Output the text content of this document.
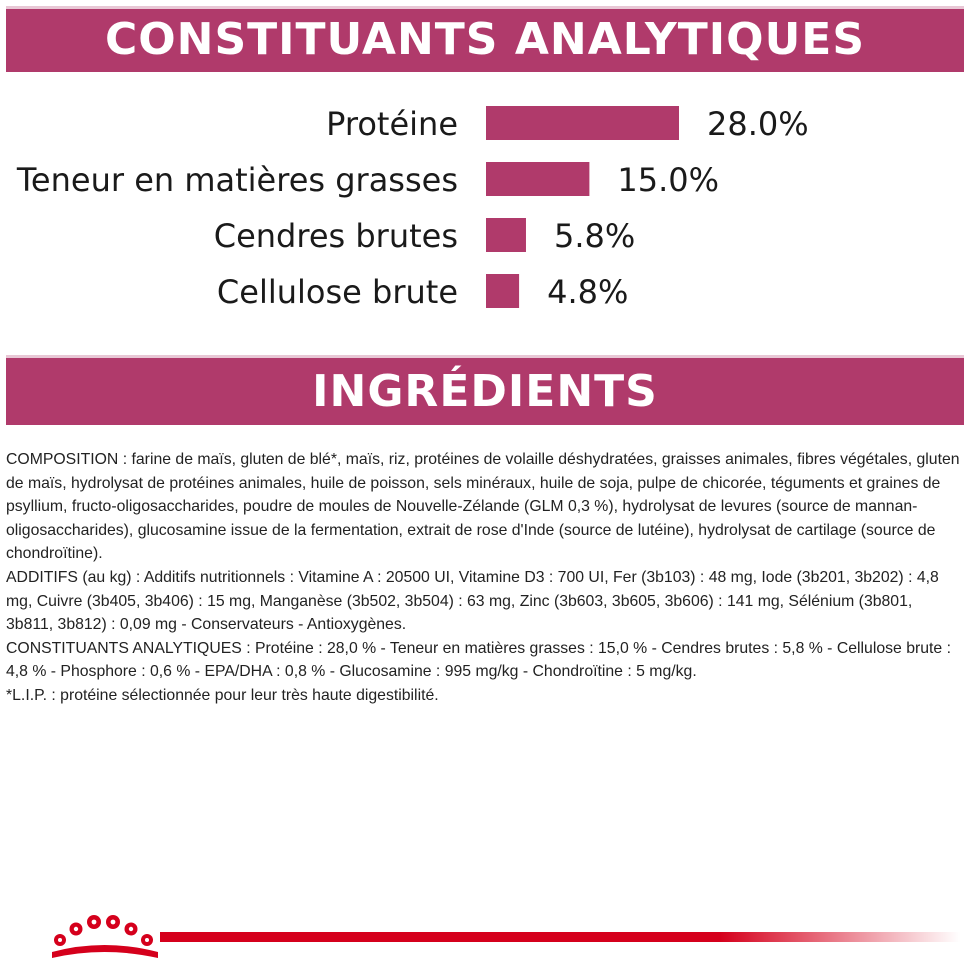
CONSTITUANTS ANALYTIQUES
Protéine	28.0%
Teneur en matières grasses	15.0%
Cendres brutes	5.8%
Cellulose brute	4.8%
INGRÉDIENTS

COMPOSITION : farine de maïs, gluten de blé*, maïs, riz, protéines de volaille déshydratées, graisses animales, fibres végétales, gluten de maïs, hydrolysat de protéines animales, huile de poisson, sels minéraux, huile de soja, pulpe de chicorée, téguments et graines de psyllium, fructo-oligosaccharides, poudre de moules de Nouvelle-Zélande (GLM 0,3 %), hydrolysat de levures (source de mannan-oligosaccharides), glucosamine issue de la fermentation, extrait de rose d'Inde (source de lutéine), hydrolysat de cartilage (source de chondroïtine).

ADDITIFS (au kg) : Additifs nutritionnels : Vitamine A : 20500 UI, Vitamine D3 : 700 UI, Fer (3b103) : 48 mg, Iode (3b201, 3b202) : 4,8 mg, Cuivre (3b405, 3b406) : 15 mg, Manganèse (3b502, 3b504) : 63 mg, Zinc (3b603, 3b605, 3b606) : 141 mg, Sélénium (3b801, 3b811, 3b812) : 0,09 mg - Conservateurs - Antioxygènes.

CONSTITUANTS ANALYTIQUES : Protéine : 28,0 % - Teneur en matières grasses : 15,0 % - Cendres brutes : 5,8 % - Cellulose brute : 4,8 % - Phosphore : 0,6 % - EPA/DHA : 0,8 % - Glucosamine : 995 mg/kg - Chondroïtine : 5 mg/kg.

*L.I.P. : protéine sélectionnée pour leur très haute digestibilité.
